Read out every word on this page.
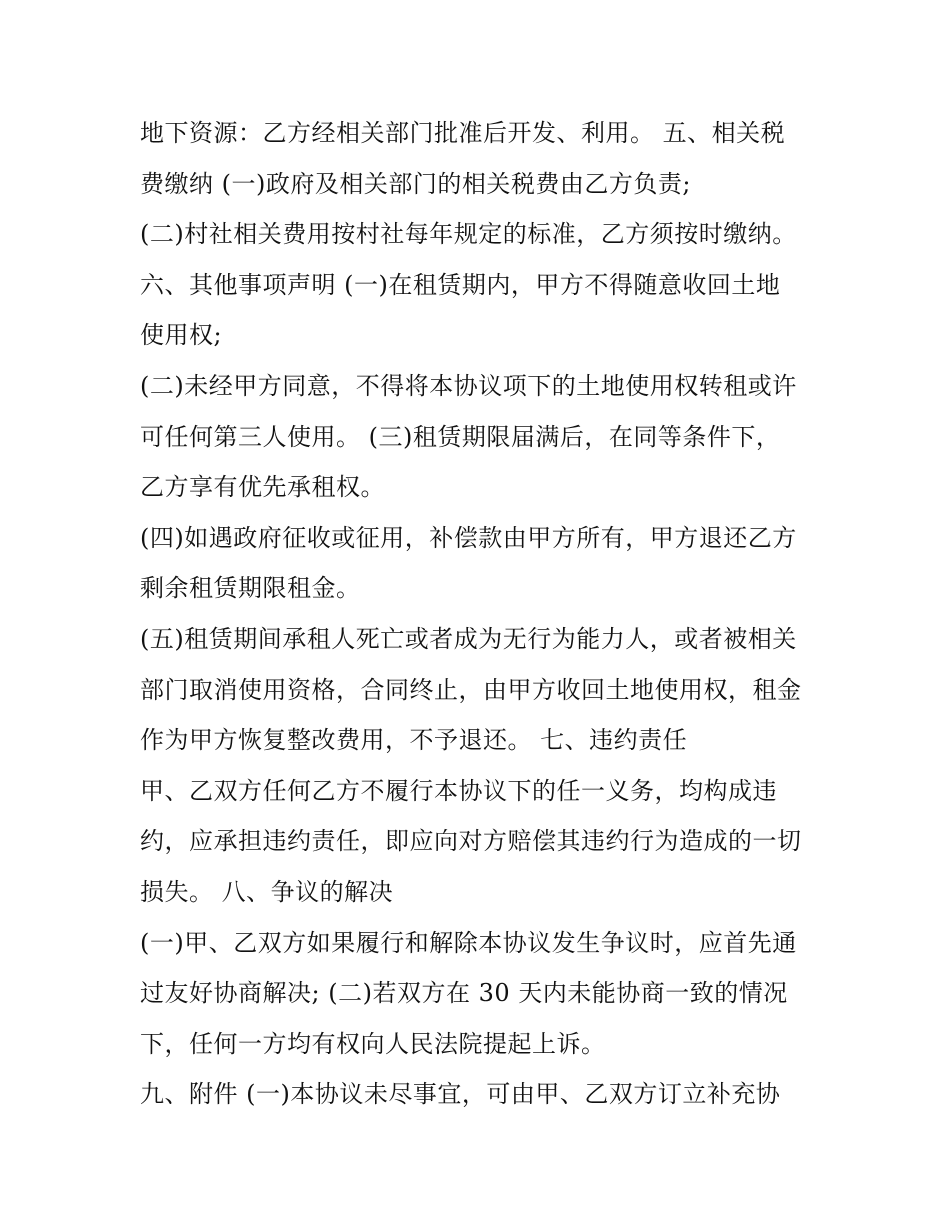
地下资源：乙方经相关部门批准后开发、利用。 五、相关税
费缴纳 (一)政府及相关部门的相关税费由乙方负责;
(二)村社相关费用按村社每年规定的标准，乙方须按时缴纳。
六、其他事项声明 (一)在租赁期内，甲方不得随意收回土地
使用权;
(二)未经甲方同意，不得将本协议项下的土地使用权转租或许
可任何第三人使用。 (三)租赁期限届满后，在同等条件下，
乙方享有优先承租权。
(四)如遇政府征收或征用，补偿款由甲方所有，甲方退还乙方
剩余租赁期限租金。
(五)租赁期间承租人死亡或者成为无行为能力人，或者被相关
部门取消使用资格，合同终止，由甲方收回土地使用权，租金
作为甲方恢复整改费用，不予退还。 七、违约责任
甲、乙双方任何乙方不履行本协议下的任一义务，均构成违
约，应承担违约责任，即应向对方赔偿其违约行为造成的一切
损失。 八、争议的解决
(一)甲、乙双方如果履行和解除本协议发生争议时，应首先通
过友好协商解决; (二)若双方在 30 天内未能协商一致的情况
下，任何一方均有权向人民法院提起上诉。
九、附件 (一)本协议未尽事宜，可由甲、乙双方订立补充协
